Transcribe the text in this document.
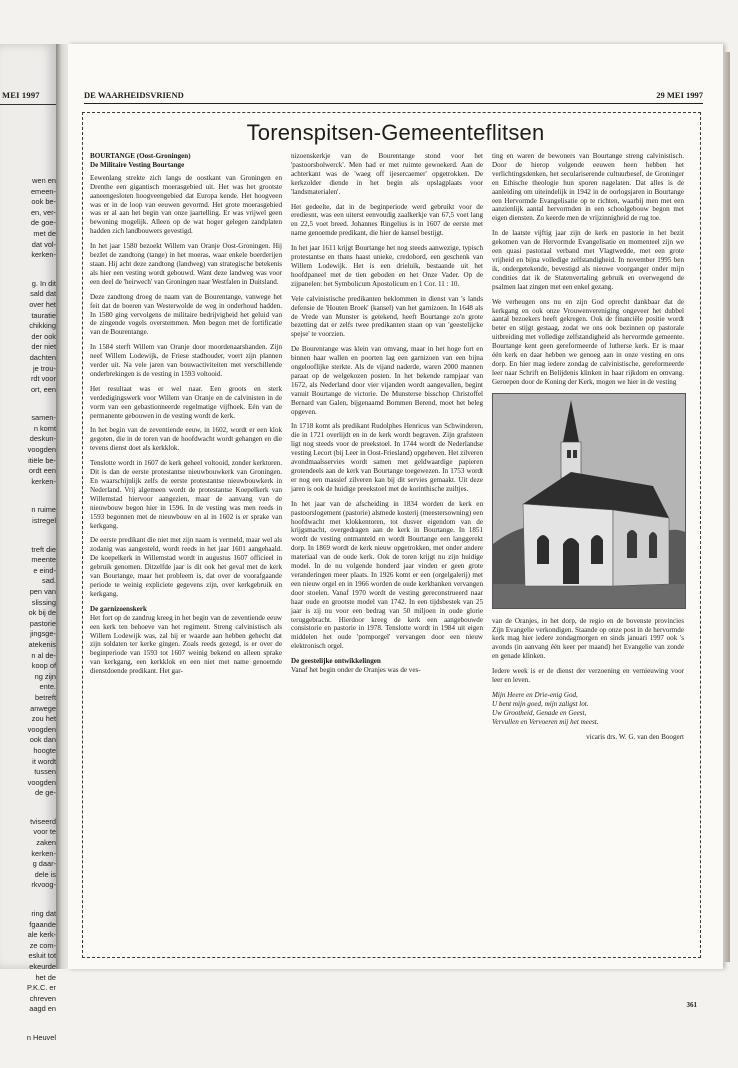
MEI 1997
wen en
emeen-
ook be-
en, ver-
de goe-
met de
dat vol-
kerken-
g. In dit
sald dat
over het
tauratie
chikking
der ook
der niet
dachten
je trou-
rdt voor
ort, een
samen-
n komt
deskun-
voogden
itiële be-
ordt een
kerken-
n ruime
istregel
treft die
meente
e eind-
sad.
pen van
slissing
ok bij de
pastorie
jingsge-
atekenis
n al de-
koop of
ng zijn
ente.
betreft
anwege
zou het
voogden
ook dan
hoogte
it wordt
tussen
voogden
de ge-
tviseerd
voor te
zaken
kerken-
g daar-
dele is
rkvoog-
ring dat
fgaande
ale kerk-
ze com-
esluit tot
ekeurde
het de
P.K.C. er
chreven
aagd en
n Heuvel
DE WAARHEIDSVRIEND	29 MEI 1997
Torenspitsen-Gemeenteflitsen
BOURTANGE (Oost-Groningen)
De Militaire Vesting Bourtange

Eewenlang strekte zich langs de oostkant van Groningen en Drenthe een gigantisch moerasgebied uit. Het was het grootste aaneengesloten hoogveengebied dat Europa kende. Het hoogveen was er in de loop van eeuwen gevormd. Het grote moerasgebied was er al aan het begin van onze jaartelling. Er was vrijwel geen bewoning mogelijk. Alleen op de wat hoger gelegen zandplaten hadden zich landbouwers gevestigd.

In het jaar 1580 bezoekt Willem van Oranje Oost-Groningen. Hij bezIet de zandtong (tange) in het moeras, waar enkele boerderijen staan. Hij acht deze zandtong (landweg) van strategische betekenis als hier een vesting wordt gebouwd. Want deze landweg was voor een deel de 'heirwech' van Groningen naar Westfalen in Duitsland.

Deze zandtong droeg de naam van de Bourentange, vanwege het feit dat de boeren van Westerwolde de weg in onderhoud hadden. In 1580 ging vervolgens de militaire bedrijvigheid het geluid van de zingende vogels overstemmen. Men begon met de fortificatie van de Bourentange.

In 1584 sterft Willem van Oranje door moordenaarshanden. Zijn neef Willem Lodewijk, de Friese stadhouder, voert zijn plannen verder uit. Na vele jaren van bouwactiviteiten met verschillende onderbrekingen is de vesting in 1593 voltooid.

Het resultaat was er wel naar. Een groots en sterk verdedigingswerk voor Willem van Oranje en de calvinisten in de vorm van een gebastionneerde regelmatige vijfhoek. Eén van de permanente gebouwen in de vesting wordt de kerk.

In het begin van de zeventiende eeuw, in 1602, wordt er een klok gegoten, die in de toren van de hoofdwacht wordt gehangen en die tevens dienst doet als kerkklok.

Tenslotte wordt in 1607 de kerk geheel voltooid, zonder kerktoren. Dit is dan de eerste protestantse nieuwbouwkerk van Groningen. En waarschijnlijk zelfs de eerste protestantse nieuwbouwkerk in Nederland. Vrij algemeen wordt de protestantse Koepelkerk van Willemstad hiervoor aangezien, maar de aanvang van de nieuwbouw begon hier in 1596. In de vesting was men reeds in 1593 begonnen met de nieuwbouw en al in 1602 is er sprake van kerkgang.

De eerste predikant die niet met zijn naam is vermeld, maar wel als zodanig was aangesteld, wordt reeds in het jaar 1601 aangehaald. De koepelkerk in Willemstad wordt in augustus 1607 officieel in gebruik genomen. Ditzelfde jaar is dit ook het geval met de kerk van Bourtange, maar het probleem is, dat over de voorafgaande periode te weinig expliciete gegevens zijn, over kerkgebruik en kerkgang.

De garnizoenskerk

Het fort op de zandrug kreeg in het begin van de zeventiende eeuw een kerk ten behoeve van het regiment. Streng calvinistisch als Willem Lodewijk was, zal hij er waarde aan hebben gehecht dat zijn soldaten ter kerke gingen. Zoals reeds gezegd, is er over de beginperiode van 1593 tot 1607 weinig bekend en alleen sprake van kerkgang, een kerkklok en een niet met name genoemde dienstdoende predikant. Het gar-

nizoenskerkje van de Bourentange stond voor het 'pastoorsbolwerck'. Men had er met ruimte gewoekerd. Aan de achterkant was de 'waeg off ijesercaemer' opgetrokken. De kerkzolder diende in het begin als opslagplaats voor 'landsmaterialen'.

Het gedeelte, dat in de beginperiode werd gebruikt voor de erediesnt, was een uiterst eenvoudig zaalkerkje van 67,5 voet lang en 22,5 voet breed. Johannes Ringelius is in 1607 de eerste met name genoemde predikant, die hier de kansel bestijgt.

In het jaar 1611 krijgt Bourtange het nog steeds aanwezige, typisch protestantse en thans haast unieke, credobord, een geschenk van Willem Lodewijk. Het is een drieluik, bestaande uit het hoofdpaneel met de tien geboden en het Onze Vader. Op de zijpanelen: het Symbolicum Apostolicum en 1 Cor. 11 : 10.

Vele calvinistische predikanten beklommen in dienst van 's lands defensie de 'Houten Broek' (kansel) van het garnizoen. In 1648 als de Vrede van Munster is getekend, heeft Bourtange zo'n grote bezetting dat er zelfs twee predikanten staan op van 'geestelijcke spejse' te voorzien.

De Bourentange was klein van omvang, maar in het hoge fort en binnen haar wallen en poorten lag een garnizoen van een bijna ongelooflijke sterkte. Als de vijand naderde, waren 2000 mannen paraat op de welgekozen posten. In het bekende rampjaar van 1672, als Nederland door vier vijanden wordt aangevallen, begint vanuit Bourtange de victorie. De Munsterse bisschop Christoffel Bernard van Galen, bijgenaamd Bommen Berend, moet het beleg opgeven.

In 1718 komt als predikant Rudolphes Henricus van Schwinderen, die in 1721 overlijdt en in de kerk wordt begraven. Zijn grafsteen ligt nog steeds voor de preekstoel. In 1744 wordt de Nederlandse vesting Lecort (bij Leer in Oost-Friesland) opgeheven. Het zilveren avondmaalsservies wordt samen met geldwaardige papieren grotendeels aan de kerk van Bourtange toegewezen. In 1753 wordt er nog een massief zilveren kan bij dit servies gemaakt. Uit deze jaren is ook de huidige preekstoel met de korinthische zuiltjes.

In het jaar van de afscheiding in 1834 worden de kerk en pastoorslogement (pastorie) alsmede kosterij (meestersowning) een hoofdwacht met klokkentoren, tot dusver eigendom van de krijgsmacht, overgedragen aan de kerk in Bourtange. In 1851 wordt de vesting ontmanteld en wordt Bourtange een langgerekt dorp. In 1869 wordt de kerk nieuw opgetrokken, met onder andere materiaal van de oude kerk. Ook de toren krijgt nu zijn huidige model. In de nu volgende honderd jaar vinden er geen grote veranderingen meer plaats. In 1926 komt er een (orgelgalerij) met een nieuw orgel en in 1966 worden de oude kerkbanken vervangen door stoelen. Vanaf 1970 wordt de vesting gereconstrueerd naar haar oude en grootste model van 1742. In een tijdsbestek van 25 jaar is zij nu voor een bedrag van 50 miljoen in oude glorie teruggebracht. Hierdoor kreeg de kerk een aangebouwde consistorie en pastorie in 1978. Tenslotte wordt in 1984 uit eigen middelen het oude 'pomporgel' vervangen door een nieuw elektronisch orgel.

De geestelijke ontwikkelingen

Vanaf het begin onder de Oranjes was de ves-

ting en waren de bewoners van Bourtange streng calvinistisch. Door de hierop volgende eeuwen heen hebben het verlichtingsdenken, het seculariserende cultuurbesef, de Groninger en Ethische theologie hun sporen nagelaten. Dat alles is de aanleiding om uiteindelijk in 1942 in de oorlogsjaren in Bourtange een Hervormde Evangelisatie op te richten, waarbij men met een aanzienlijk aantal hervormden in een schoolgebouw begon met eigen diensten. Zo keerde men de vrijzinnigheid de rug toe.

In de laatste vijftig jaar zijn de kerk en pastorie in het bezit gekomen van de Hervormde Evangelisatie en momenteel zijn we een quasi pastoraal verband met Vlagtwedde, met een grote vrijheid en bijna volledige zelfstandigheid. In november 1995 ben ik, ondergetekende, bevestigd als nieuwe voorganger onder mijn condities dat ik de Statenvertaling gebruik en overwegend de psalmen laat zingen met een enkel gezang.

We verheugen ons nu en zijn God oprecht dankbaar dat de kerkgang en ook onze Vrouwenvereniging ongeveer het dubbel aantal bezoekers heeft gekregen. Ook de financiële positie wordt beter en stijgt gestaag, zodat we ons ook bezinnen op pastorale uitbreiding met volledige zelfstandigheid als hervormde gemeente. Bourtange kent geen gereformeerde of lutherse kerk. Er is maar één kerk en daar hebben we genoeg aan in onze vesting en ons dorp. En hier mag iedere zondag de calvinistische, gereformeerde leer naar Schrift en Belijdenis klinken in haar rijkdom en omvang. Geroepen door de Koning der Kerk, mogen we hier in de vesting

van de Oranjes, in het dorp, de regio en de bovenste provincies Zijn Evangelie verkondigen. Staande op onze post in de hervormde kerk mag hier iedere zondagmorgen en sinds januari 1997 ook 's avonds (in aanvang één keer per maand) het Evangelie van zonde en genade klinken.

Iedere week is er de dienst der verzoening en vernieuwing voor leer en leven.

Mijn Heere en Drie-enig God,
U bent mijn goed, mijn zaligst lot.
Uw Grootheid, Genade en Geest,
Vervullen en Vervoeren mij het meest.
vicaris drs. W. G. van den Boogert
361
